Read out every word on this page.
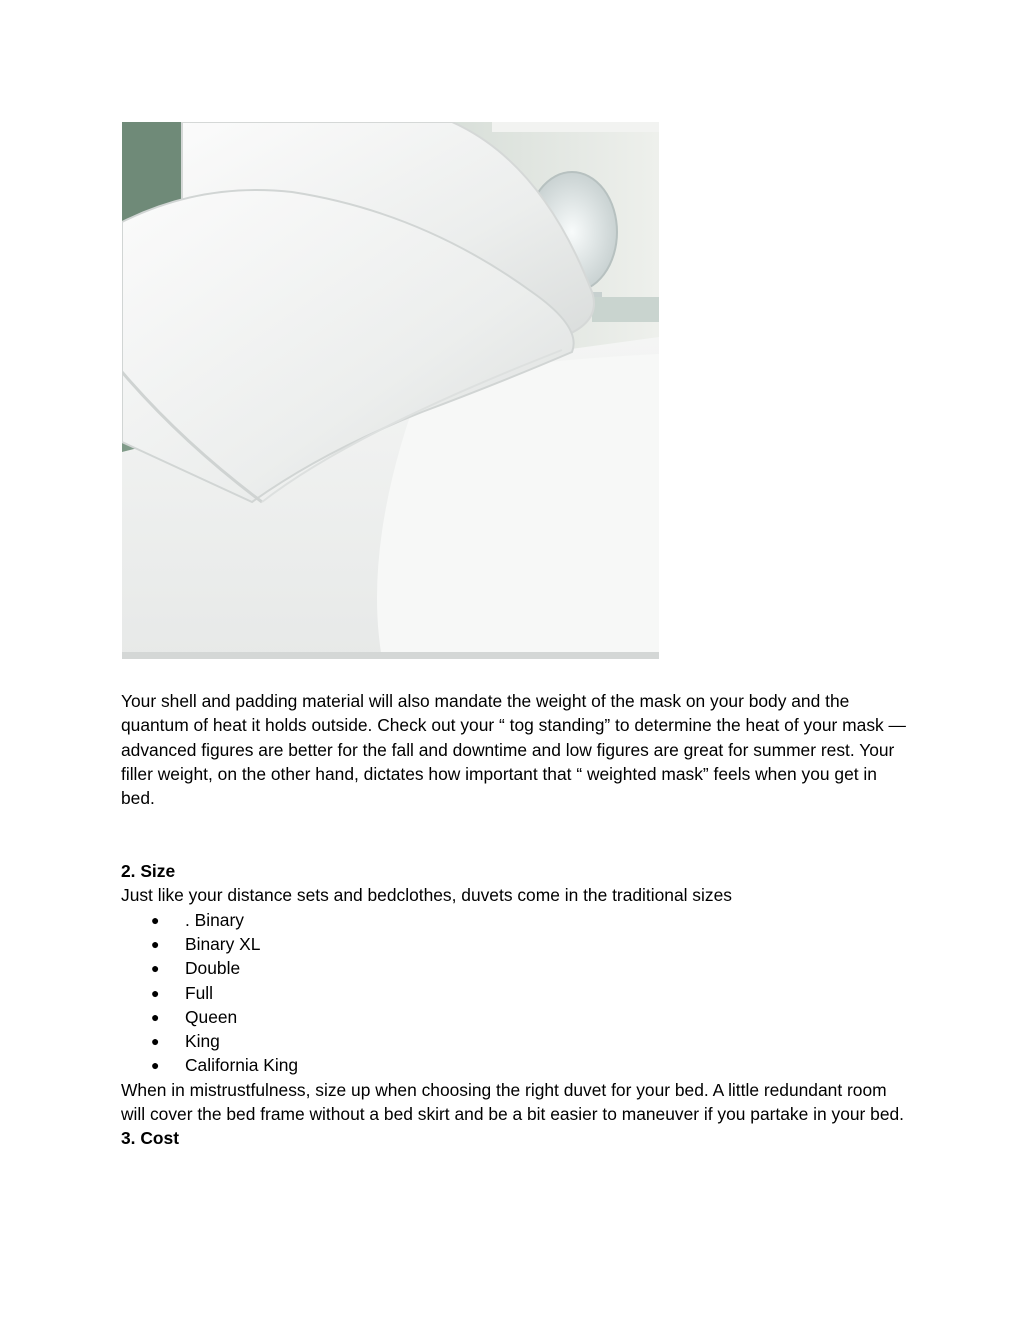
Your shell and padding material will also mandate the weight of the mask on your body and the quantum of heat it holds outside. Check out your “ tog standing” to determine the heat of your mask — advanced figures are better for the fall and downtime and low figures are great for summer rest. Your filler weight, on the other hand, dictates how important that “ weighted mask” feels when you get in bed.

2. Size

Just like your distance sets and bedclothes, duvets come in the traditional sizes

● . Binary
● Binary XL
● Double
● Full
● Queen
● King
● California King

When in mistrustfulness, size up when choosing the right duvet for your bed. A little redundant room will cover the bed frame without a bed skirt and be a bit easier to maneuver if you partake in your bed.

3. Cost
